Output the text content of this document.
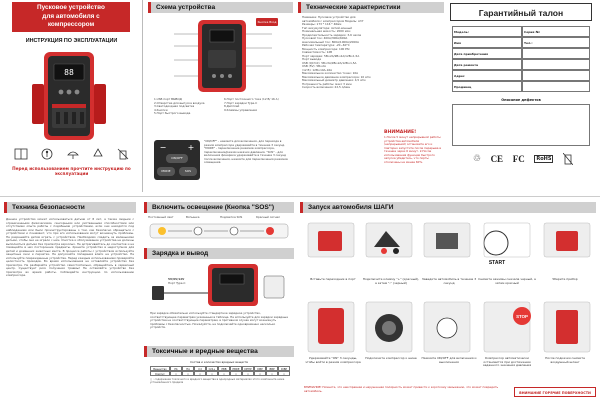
Пусковое устройство
для автомобиля с
компрессором
ИНСТРУКЦИЯ ПО ЭКСПЛУАТАЦИИ
88
Перед использованием прочтите инструкцию по эксплуатации
Схема устройства
Кнопка Вход
1.USB порт ВЫВОД
2.Отверстие для выпуска воздуха
3.Светодиодная подсветка
4.Кнопки
5.Порт быстрого вывода
6.Порт постоянного тока (12 В/ 16 А)
7.Порт зарядки Type-C
8.Дисплей
9.Клеммы управления
−	+
ON/OFF
MODE	SOS
"ON/OFF" - нажмите для включения, для перехода в режим компрессора удерживайте в течение 3 секунд. "MODE" - переключение режимов компрессора, переключение/режим накачки давления. "SOS" - для включения фонарика удерживайте в течение 3 секунд после включения, нажмите для переключения режимов освещения.
Технические характеристики
Название: Пусковое устройство для
автомобиля с компрессором Модель: А37
Размеры: 173 * 116 * 46мм
Тип аккумулятора: литий-ионный
Номинальная емкость: 2000 мАч
Продолжительность зарядки: 3-6 часов
Пусковой ток: 400А/300А/600А
максимальный ток: 800А/1000А/2000А
Рабочая температура: -20~60°С
Мощность компрессора: 100 PSI
Совместимость: 12В
Порт зарядки: 5В⎓2А/9В⎓2А/12В⎓1,5А
Порт вывода
USB (QC3.0): 5В⎓3А/9В⎓2А/12В⎓1,5А
USB (5V): 5В⎓2А
(12 В): 12В⎓10А-16А
Максимальное количество точек: 10А
Максимальное давление компрессора: 10 атм
Максимальный диаметр давления: 4,5 атм
Погрешность работы: макс 3 мин
Скорость включения: 22,5 л/мин
ВНИМАНИЕ!
1.После 5 минут непрерывной работы устройства автомобиля (непрерывной) остановите его и повторно запустите после перерыва в течение через 6 минут. 2.После использования функции быстрого запуска убедитесь, что порты отключены не менее 60%.
Гарантийный талон
Модель:	Серия №:
Имя	Тел.:
Дата приобретения
Дата ремонта
Адрес
Продавец
Описание дефектов
♲ CE FC	RoHS
Техника безопасности
Данное устройство может использоваться детьми от 8 лет, а также людьми с ограниченными физическими, сенсорными или умственными способностями или отсутствием опыта работы с подобными устройствами, если они находятся под наблюдением или были проинструктированы о том, как безопасно обращаться с устройством и понимают, что при его использовании могут возникнуть проблемы. Не разрешайте детям играть с устройством. Необходимо следить за маленькими детьми, чтобы они не играли с ним. Очистка и обслуживание устройства не должны выполняться детьми без присмотра взрослых. Не дотрагивайтесь до контактов и не помещайте в них посторонние предметы. Храните устройство в недоступном для детей и домашних животных месте. В процессе работы с устройством используйте защитные очки и перчатки. Не допускайте попадания влаги на устройство. Не используйте поврежденные устройства. Перед каждым использованием проверяйте целостность проводов. Во время использования не оставляйте устройство без присмотра. Не разбирайте устройство самостоятельно, обращайтесь в сервисный центр. Существует риск получения травмы! Не оставляйте устройство без присмотра во время работы. Соблюдайте инструкцию по использованию компрессора.
Включить освещение (Кнопка "SOS")
Постоянный свет	Вспышка	Подсветка SOS	Красный сигнал
Зарядка и вывод
5V/9V/12V
Порт Type-C
При зарядке обязательно используйте стандартное зарядное устройство, соответствующее параметрам указанным в таблице. Не используйте для зарядки зарядные устройства не соответствующие параметрам, в противном случае могут возникнуть проблемы с безопасностью. Пожалуйста, не подключайте одновременно несколько устройств.
Токсичные и вредные вещества
Состав и количество вредных веществ
Вещество	Pb	Hg	Cd	Cr6+	PBB	PBDE	DEHP	DBP	BBP	DIBP
Корпус	○	○	○	○	○	○	○	○	○	○
○ : содержание токсичного и вредного вещества в однородных материалах этого компонента ниже установленного предела
Запуск автомобиля ШАГИ
START
Вставьте переходник в порт	Подключите клемму "+" (красный), а затем "-" (черный)
Заведите автомобиль в течение 3 секунд
Снимите зажимы сначала черный, а затем красный
Уберите прибор
STOP
Удерживайте "ON" 3 секунды, чтобы войти в режим компрессора
Подключите компрессор к шине	Нажмите ON/OFF для включения и выключения
Компрессор автоматически остановится при достижении заданного значения давления
После подкачки снимите воздушный шланг
ВНИМАНИЕ! Помните, что неисправная и нарушенная полярность может привести к короткому замыканию, что может повредить автомобиль.
ВНИМАНИЕ ГОРЯЧИЕ ПОВЕРХНОСТИ
